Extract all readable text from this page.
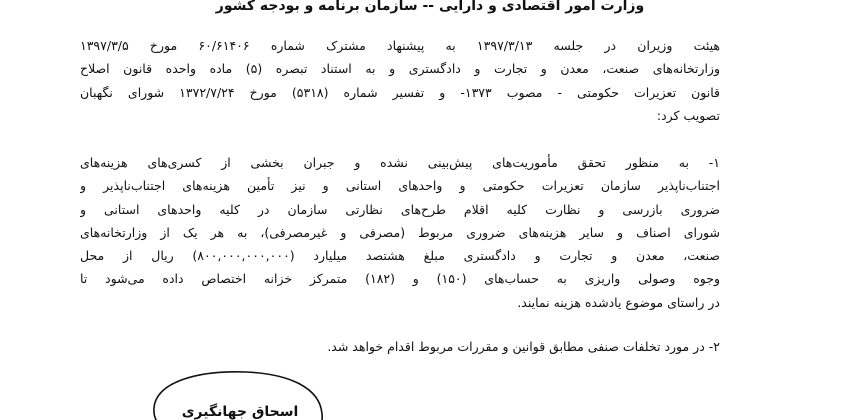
وزارت امور اقتصادی و دارایی -- سازمان برنامه و بودجه کشور
هیئت وزیران در جلسه ۱۳۹۷/۳/۱۳ به پیشنهاد مشترک شماره ۶۰/۶۱۴۰۶ مورخ ۱۳۹۷/۳/۵
وزارتخانه‌های صنعت، معدن و تجارت و دادگستری و به استناد تبصره (۵) ماده واحده قانون اصلاح
قانون تعزیرات حکومتی - مصوب ۱۳۷۳- و تفسیر شماره (۵۳۱۸) مورخ ۱۳۷۲/۷/۲۴ شورای نگهبان
تصویب کرد:
۱- به منظور تحقق مأموریت‌های پیش‌بینی نشده و جبران بخشی از کسری‌های هزینه‌های
اجتناب‌ناپذیر سازمان تعزیرات حکومتی و واحدهای استانی و نیز تأمین هزینه‌های اجتناب‌ناپذیر و
ضروری بازرسی و نظارت کلیه اقلام طرح‌های نظارتی سازمان در کلیه واحدهای استانی و
شورای اصناف و سایر هزینه‌های ضروری مربوط (مصرفی و غیرمصرفی)، به هر یک از وزارتخانه‌های
صنعت، معدن و تجارت و دادگستری مبلغ هشتصد میلیارد (۸۰۰,۰۰۰,۰۰۰,۰۰۰) ریال از محل
وجوه وصولی واریزی به حساب‌های (۱۵۰) و (۱۸۲) متمرکز خزانه اختصاص داده می‌شود تا
در راستای موضوع یادشده هزینه نمایند.
۲- در مورد تخلفات صنفی مطابق قوانین و مقررات مربوط اقدام خواهد شد.
اسحاق جهانگیری
